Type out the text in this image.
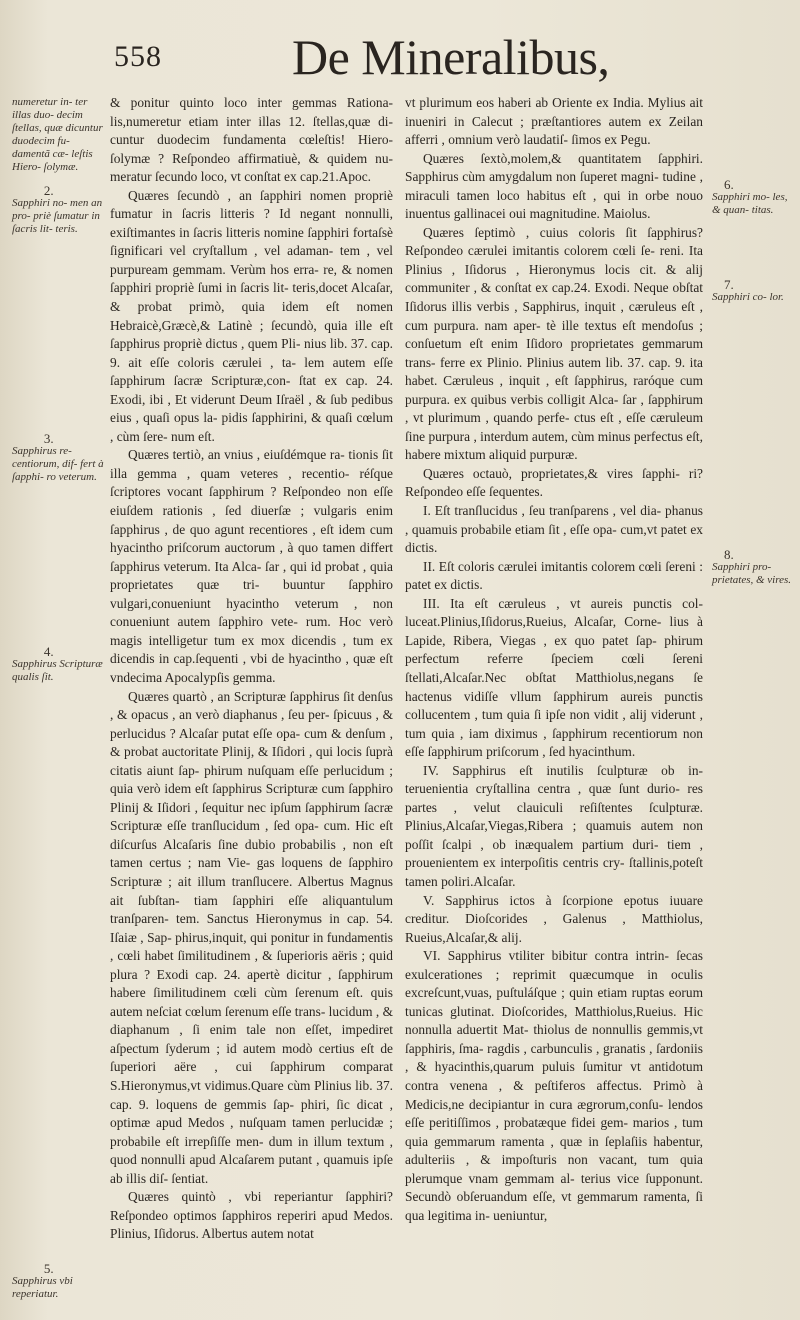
558	De Mineralibus,
numeretur in- ter illas duo- decim ſtellas, quæ dicuntur duodecim fu- damentã cæ- leſtis Hiero- ſolymæ.
2.
Sapphiri no- men an pro- priè ſumatur in ſacris lit- teris.
3.
Sapphirus re- centiorum, dif- fert à ſapphi- ro veterum.
4.
Sapphirus Scripturæ qualis ſit.
5.
Sapphirus vbi reperiatur.
6.
Sapphiri mo- les, & quan- titas.
7.
Sapphiri co- lor.
8.
Sapphiri pro- prietates, & vires.

& ponitur quinto loco inter gemmas Rationa- lis,numeretur etiam inter illas 12. ſtellas,quæ di- cuntur duodecim fundamenta cœleſtis! Hiero- ſolymæ ? Reſpondeo affirmatiuè, & quidem nu- meratur ſecundo loco, vt conſtat ex cap.21.Apoc.

Quæres ſecundò , an ſapphiri nomen propriè fumatur in ſacris litteris ? Id negant nonnulli, exiſtimantes in ſacris litteris nomine ſapphiri fortaſsè ſignificari vel cryſtallum , vel adaman- tem , vel purpuream gemmam. Verùm hos erra- re, & nomen ſapphiri propriè ſumi in ſacris lit- teris,docet Alcaſar, & probat primò, quia idem eſt nomen Hebraicè,Græcè,& Latinè ; ſecundò, quia ille eſt ſapphirus propriè dictus , quem Pli- nius lib. 37. cap. 9. ait eſſe coloris cærulei , ta- lem autem eſſe ſapphirum ſacræ Scripturæ,con- ſtat ex cap. 24. Exodi, ibi , Et viderunt Deum Iſraël , & ſub pedibus eius , quaſi opus la- pidis ſapphirini, & quaſi cœlum , cùm ſere- num eſt.

Quæres tertiò, an vnius , eiuſdémque ra- tionis ſit illa gemma , quam veteres , recentio- réſque ſcriptores vocant ſapphirum ? Reſpondeo non eſſe eiuſdem rationis , ſed diuerſæ ; vulgaris enim ſapphirus , de quo agunt recentiores , eſt idem cum hyacintho priſcorum auctorum , à quo tamen differt ſapphirus veterum. Ita Alca- ſar , qui id probat , quia proprietates quæ tri- buuntur ſapphiro vulgari,conueniunt hyacintho veterum , non conueniunt autem ſapphiro vete- rum. Hoc verò magis intelligetur tum ex mox dicendis , tum ex dicendis in cap.ſequenti , vbi de hyacintho , quæ eſt vndecima Apocalypſis gemma.

Quæres quartò , an Scripturæ ſapphirus ſit denſus , & opacus , an verò diaphanus , ſeu per- ſpicuus , & perlucidus ? Alcaſar putat eſſe opa- cum & denſum , & probat auctoritate Plinij, & Iſidori , qui locis ſuprà citatis aiunt ſap- phirum nuſquam eſſe perlucidum ; quia verò idem eſt ſapphirus Scripturæ cum ſapphiro Plinij & Iſidori , ſequitur nec ipſum ſapphirum ſacræ Scripturæ eſſe tranſlucidum , ſed opa- cum. Hic eſt diſcurſus Alcaſaris ſine dubio probabilis , non eſt tamen certus ; nam Vie- gas loquens de ſapphiro Scripturæ ; ait illum tranſlucere. Albertus Magnus ait ſubſtan- tiam ſapphiri eſſe aliquantulum tranſparen- tem. Sanctus Hieronymus in cap. 54. Iſaiæ , Sap- phirus,inquit, qui ponitur in fundamentis , cœli habet ſimilitudinem , & ſuperioris aëris ; quid plura ? Exodi cap. 24. apertè dicitur , ſapphirum habere ſimilitudinem cœli cùm ſerenum eſt. quis autem neſciat cœlum ſerenum eſſe trans- lucidum , & diaphanum , ſi enim tale non eſſet, impediret aſpectum ſyderum ; id autem modò certius eſt de ſuperiori aëre , cui ſapphirum comparat S.Hieronymus,vt vidimus.Quare cùm Plinius lib. 37. cap. 9. loquens de gemmis ſap- phiri, ſic dicat , optimæ apud Medos , nuſquam tamen perlucidæ ; probabile eſt irrepſiſſe men- dum in illum textum , quod nonnulli apud Alcaſarem putant , quamuis ipſe ab illis diſ- ſentiat.

Quæres quintò , vbi reperiantur ſapphiri? Reſpondeo optimos ſapphiros reperiri apud Medos. Plinius, Iſidorus. Albertus autem notat

vt plurimum eos haberi ab Oriente ex India. Mylius ait inueniri in Calecut ; præſtantiores autem ex Zeilan afferri , omnium verò laudatiſ- ſimos ex Pegu.

Quæres ſextò,molem,& quantitatem ſapphiri. Sapphirus cùm amygdalum non ſuperet magni- tudine , miraculi tamen loco habitus eſt , qui in orbe nouo inuentus gallinacei oui magnitudine. Maiolus.

Quæres ſeptimò , cuius coloris ſit ſapphirus? Reſpondeo cærulei imitantis colorem cœli ſe- reni. Ita Plinius , Iſidorus , Hieronymus locis cit. & alij communiter , & conſtat ex cap.24. Exodi. Neque obſtat Iſidorus illis verbis , Sapphirus, inquit , cæruleus eſt , cum purpura. nam aper- tè ille textus eſt mendoſus ; conſuetum eſt enim Iſidoro proprietates gemmarum trans- ferre ex Plinio. Plinius autem lib. 37. cap. 9. ita habet. Cæruleus , inquit , eſt ſapphirus, raróque cum purpura. ex quibus verbis colligit Alca- ſar , ſapphirum , vt plurimum , quando perfe- ctus eſt , eſſe cæruleum ſine purpura , interdum autem, cùm minus perfectus eſt, habere mixtum aliquid purpuræ.

Quæres octauò, proprietates,& vires ſapphi- ri?Reſpondeo eſſe ſequentes.

I. Eſt tranſlucidus , ſeu tranſparens , vel dia- phanus , quamuis probabile etiam ſit , eſſe opa- cum,vt patet ex dictis.

II. Eſt coloris cærulei imitantis colorem cœli ſereni : patet ex dictis.

III. Ita eſt cæruleus , vt aureis punctis col- luceat.Plinius,Iſidorus,Rueius, Alcaſar, Corne- lius à Lapide, Ribera, Viegas , ex quo patet ſap- phirum perfectum referre ſpeciem cœli ſereni ſtellati,Alcaſar.Nec obſtat Matthiolus,negans ſe hactenus vidiſſe vllum ſapphirum aureis punctis collucentem , tum quia ſi ipſe non vidit , alij viderunt , tum quia , iam diximus , ſapphirum recentiorum non eſſe ſapphirum priſcorum , ſed hyacinthum.

IV. Sapphirus eſt inutilis ſculpturæ ob in- teruenientia cryſtallina centra , quæ ſunt durio- res partes , velut clauiculi reſiſtentes ſculpturæ. Plinius,Alcaſar,Viegas,Ribera ; quamuis autem non poſſit ſcalpi , ob inæqualem partium duri- tiem , prouenientem ex interpoſitis centris cry- ſtallinis,poteſt tamen poliri.Alcaſar.

V. Sapphirus ictos à ſcorpione epotus iuuare creditur. Dioſcorides , Galenus , Matthiolus, Rueius,Alcaſar,& alij.

VI. Sapphirus vtiliter bibitur contra intrin- ſecas exulcerationes ; reprimit quæcumque in oculis excreſcunt,vuas, puſtuláſque ; quin etiam ruptas eorum tunicas glutinat. Dioſcorides, Matthiolus,Rueius. Hic nonnulla aduertit Mat- thiolus de nonnullis gemmis,vt ſapphiris, ſma- ragdis , carbunculis , granatis , ſardoniis , & hyacinthis,quarum puluis ſumitur vt antidotum contra venena , & peſtiferos affectus. Primò à Medicis,ne decipiantur in cura ægrorum,conſu- lendos eſſe peritiſſimos , probatæque fidei gem- marios , tum quia gemmarum ramenta , quæ in ſeplaſiis habentur, adulteriis , & impoſturis non vacant, tum quia plerumque vnam gemmam al- terius vice ſupponunt. Secundò obſeruandum eſſe, vt gemmarum ramenta, ſi qua legitima in- ueniuntur,
